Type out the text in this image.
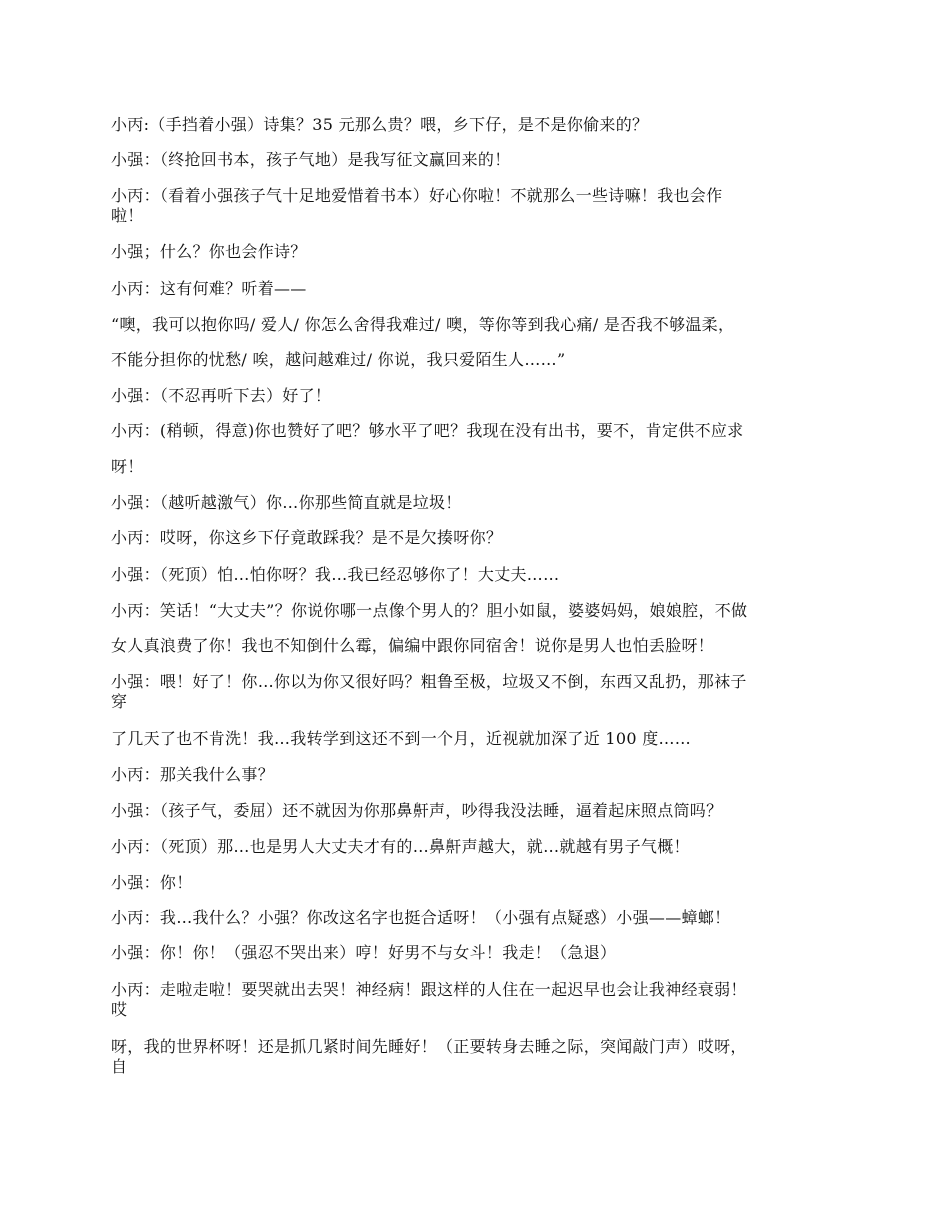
小丙:（手挡着小强）诗集？35 元那么贵？喂，乡下仔，是不是你偷来的？
小强：（终抢回书本，孩子气地）是我写征文赢回来的！
小丙：（看着小强孩子气十足地爱惜着书本）好心你啦！不就那么一些诗嘛！我也会作
啦！
小强；什么？你也会作诗？
小丙：这有何难？听着——
“噢，我可以抱你吗/ 爱人/ 你怎么舍得我难过/ 噢，等你等到我心痛/ 是否我不够温柔，
不能分担你的忧愁/ 唉，越问越难过/ 你说，我只爱陌生人……”
小强：（不忍再听下去）好了！
小丙：(稍顿，得意)你也赞好了吧？够水平了吧？我现在没有出书，要不，肯定供不应求
呀！
小强：（越听越激气）你…你那些简直就是垃圾！
小丙：哎呀，你这乡下仔竟敢踩我？是不是欠揍呀你？
小强：（死顶）怕…怕你呀？我…我已经忍够你了！大丈夫……
小丙：笑话！“大丈夫”？你说你哪一点像个男人的？胆小如鼠，婆婆妈妈，娘娘腔，不做
女人真浪费了你！我也不知倒什么霉，偏编中跟你同宿舍！说你是男人也怕丢脸呀！
小强：喂！好了！你…你以为你又很好吗？粗鲁至极，垃圾又不倒，东西又乱扔，那袜子
穿
了几天了也不肯洗！我…我转学到这还不到一个月，近视就加深了近 100 度……
小丙：那关我什么事？
小强：（孩子气，委屈）还不就因为你那鼻鼾声，吵得我没法睡，逼着起床照点筒吗？
小丙：（死顶）那…也是男人大丈夫才有的…鼻鼾声越大，就…就越有男子气概！
小强：你！
小丙：我…我什么？小强？你改这名字也挺合适呀！（小强有点疑惑）小强——蟑螂！
小强：你！你！（强忍不哭出来）哼！好男不与女斗！我走！（急退）
小丙：走啦走啦！要哭就出去哭！神经病！跟这样的人住在一起迟早也会让我神经衰弱！
哎
呀，我的世界杯呀！还是抓几紧时间先睡好！（正要转身去睡之际，突闻敲门声）哎呀，
自
